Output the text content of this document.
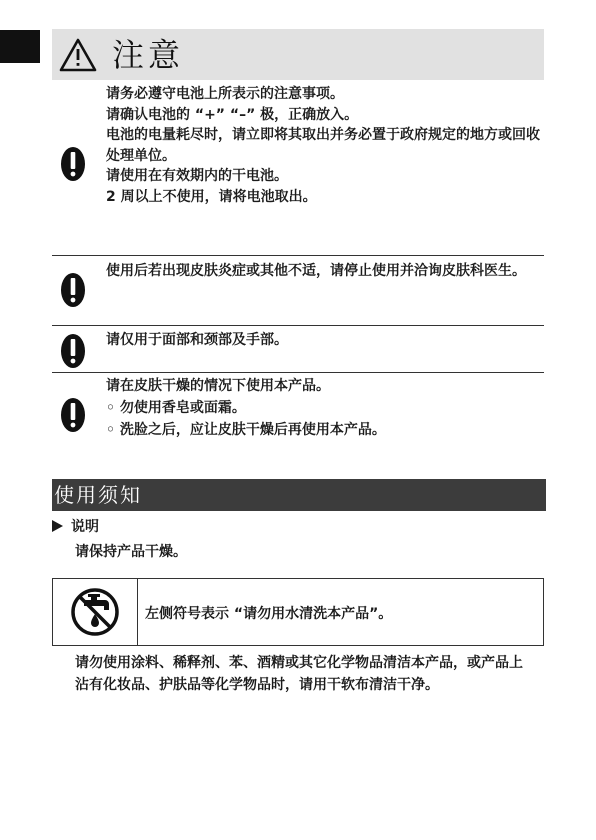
注意
请务必遵守电池上所表示的注意事项。
请确认电池的 “+” “–” 极，正确放入。
电池的电量耗尽时，请立即将其取出并务必置于政府规定的地方或回收处理单位。
请使用在有效期内的干电池。
2 周以上不使用，请将电池取出。
使用后若出现皮肤炎症或其他不适，请停止使用并洽询皮肤科医生。
请仅用于面部和颈部及手部。
请在皮肤干燥的情况下使用本产品。
◦ 勿使用香皂或面霜。
◦ 洗脸之后，应让皮肤干燥后再使用本产品。
使用须知
说明
请保持产品干燥。
左侧符号表示 “请勿用水清洗本产品”。
请勿使用涂料、稀释剂、苯、酒精或其它化学物品清洁本产品，或产品上沾有化妆品、护肤品等化学物品时，请用干软布清洁干净。
